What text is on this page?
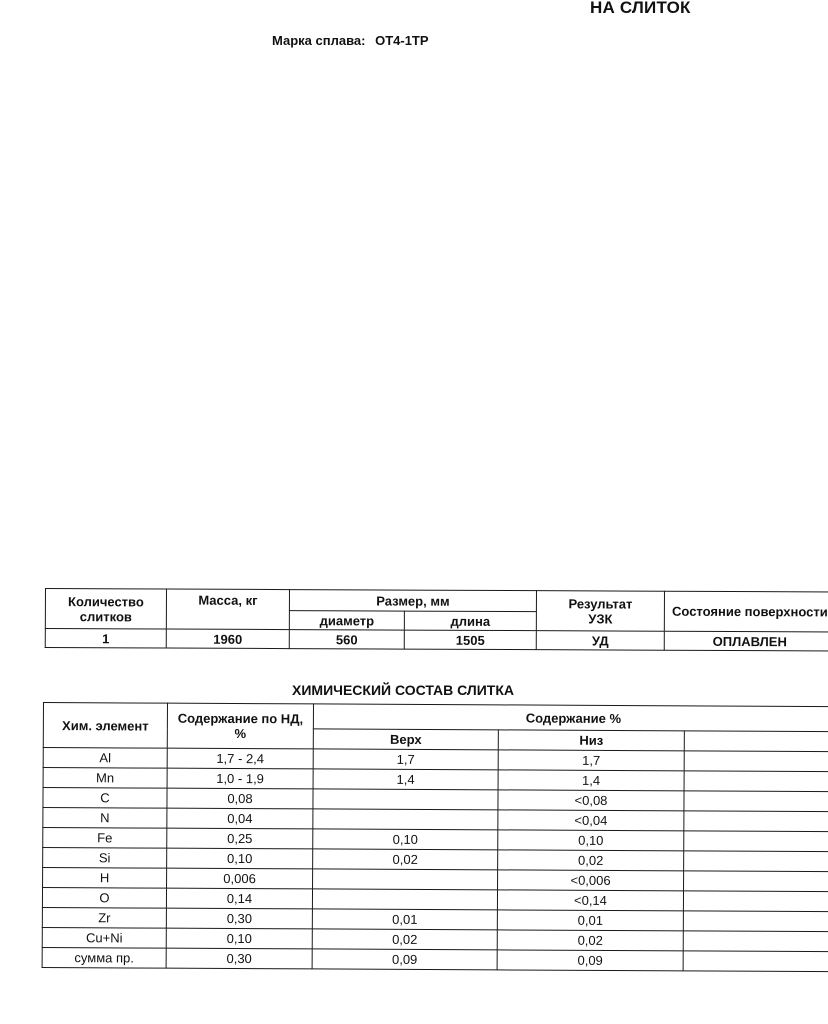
НА СЛИТОК
Марка сплава: ОТ4-1ТР
Количество слитков	Масса, кг	Размер, мм		Результат УЗК	Состояние поверхности
		диаметр	длина		
1	1960	560	1505	УД	ОПЛАВЛЕН
ХИМИЧЕСКИЙ СОСТАВ СЛИТКА
Хим. элемент	Содержание по НД, %	Содержание %		
		Верх	Низ	
Al	1,7 - 2,4	1,7	1,7	
Mn	1,0 - 1,9	1,4	1,4	
C	0,08		<0,08	
N	0,04		<0,04	
Fe	0,25	0,10	0,10	
Si	0,10	0,02	0,02	
H	0,006		<0,006	
O	0,14		<0,14	
Zr	0,30	0,01	0,01	
Cu+Ni	0,10	0,02	0,02	
сумма пр.	0,30	0,09	0,09	
